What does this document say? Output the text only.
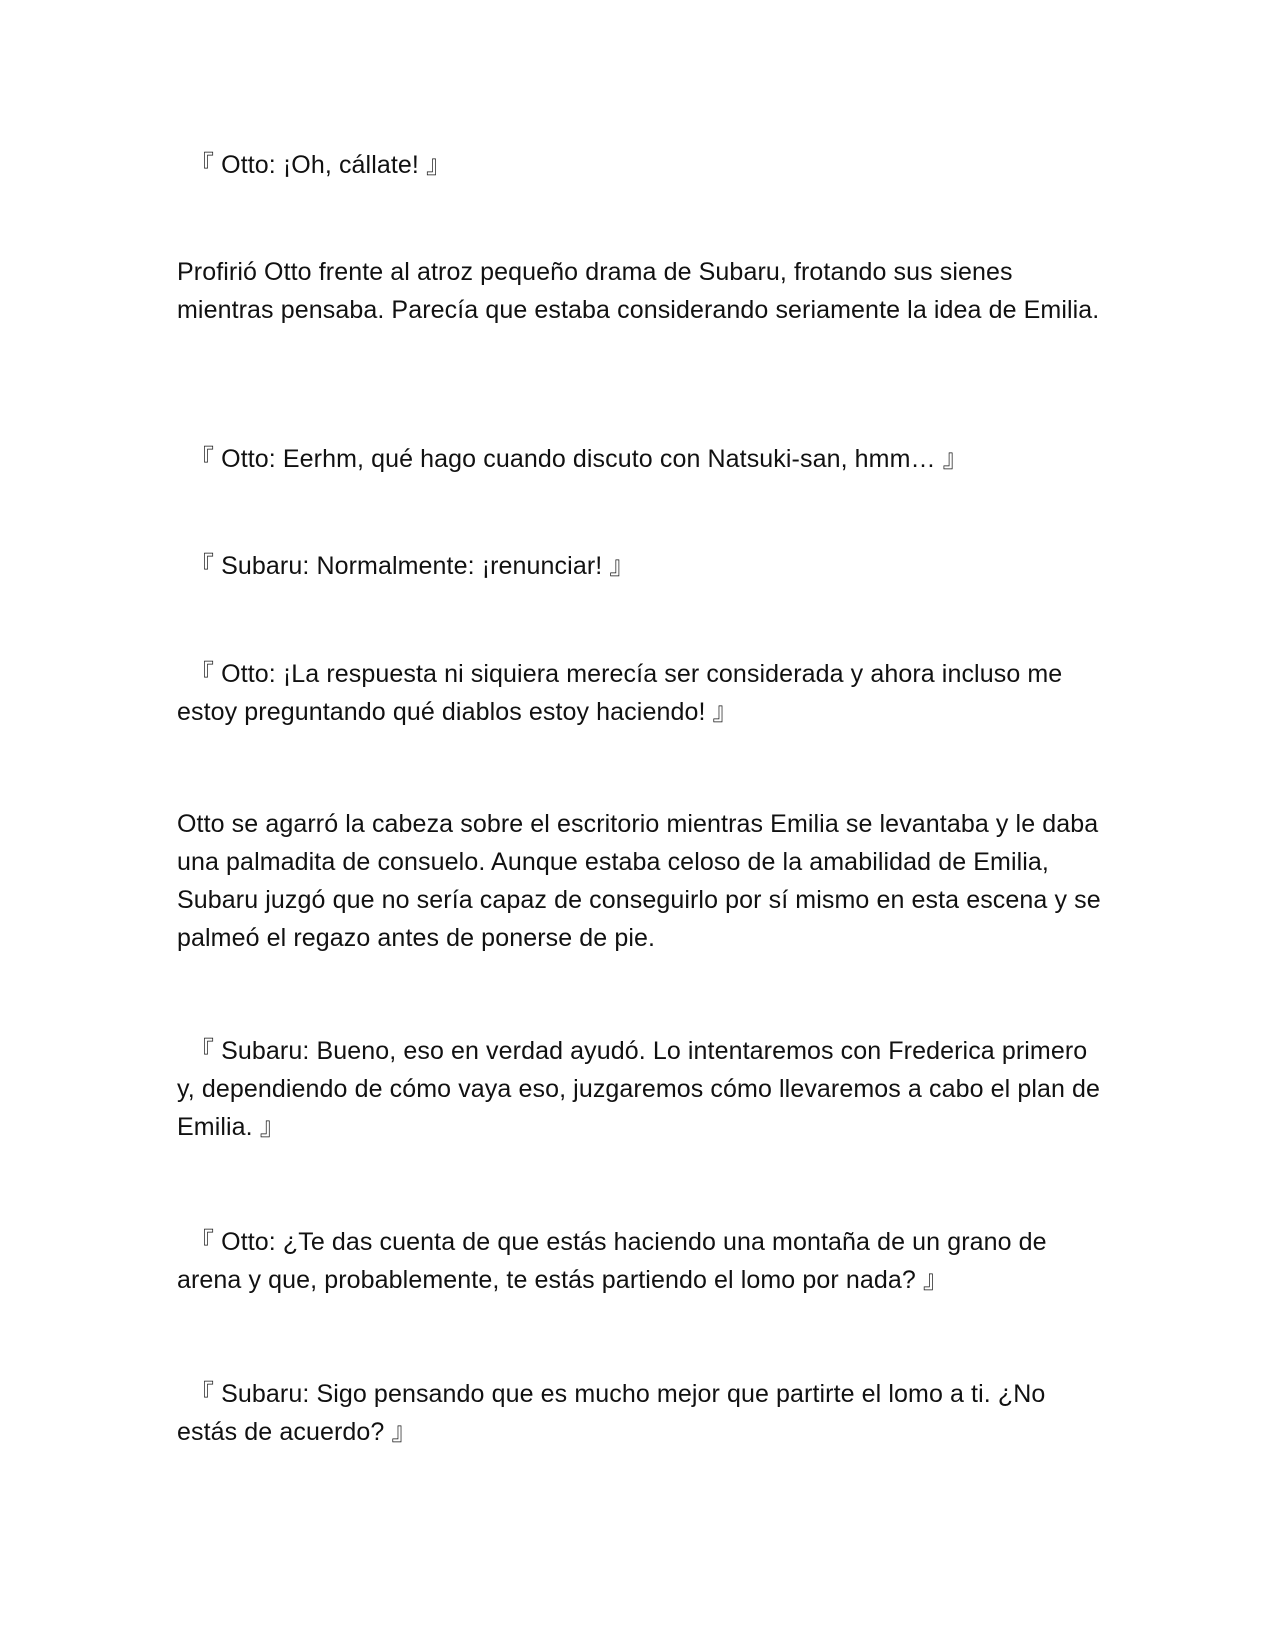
『 Otto: ¡Oh, cállate! 』

Profirió Otto frente al atroz pequeño drama de Subaru, frotando sus sienes mientras pensaba. Parecía que estaba considerando seriamente la idea de Emilia.

『 Otto: Eerhm, qué hago cuando discuto con Natsuki-san, hmm… 』

『 Subaru: Normalmente: ¡renunciar! 』

『 Otto: ¡La respuesta ni siquiera merecía ser considerada y ahora incluso me estoy preguntando qué diablos estoy haciendo! 』

Otto se agarró la cabeza sobre el escritorio mientras Emilia se levantaba y le daba una palmadita de consuelo. Aunque estaba celoso de la amabilidad de Emilia, Subaru juzgó que no sería capaz de conseguirlo por sí mismo en esta escena y se palmeó el regazo antes de ponerse de pie.

『 Subaru: Bueno, eso en verdad ayudó. Lo intentaremos con Frederica primero y, dependiendo de cómo vaya eso, juzgaremos cómo llevaremos a cabo el plan de Emilia. 』

『 Otto: ¿Te das cuenta de que estás haciendo una montaña de un grano de arena y que, probablemente, te estás partiendo el lomo por nada? 』

『 Subaru: Sigo pensando que es mucho mejor que partirte el lomo a ti. ¿No estás de acuerdo? 』
